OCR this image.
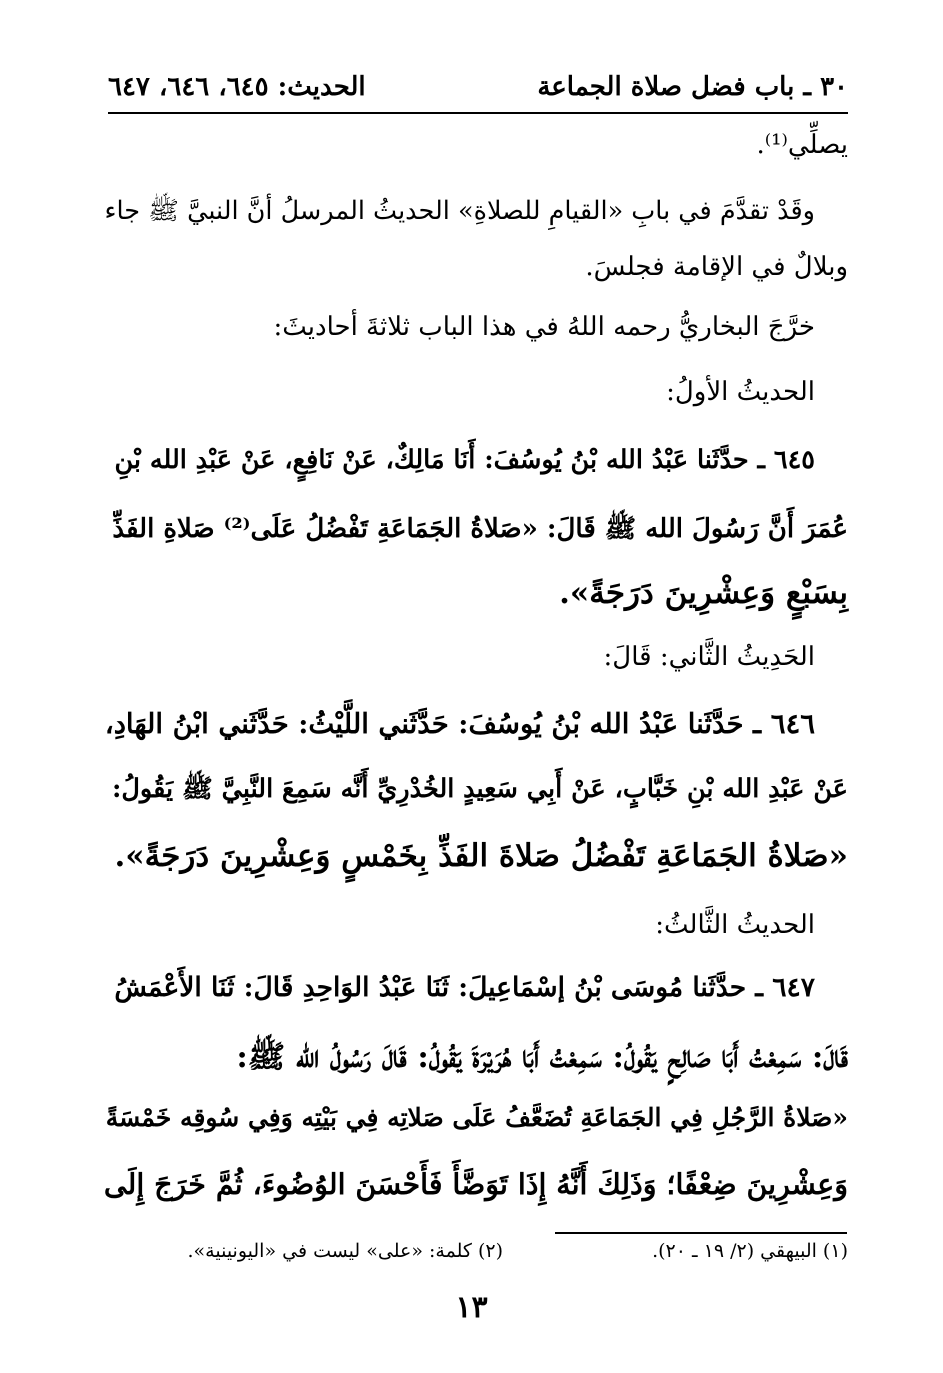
٣٠ ـ باب فضل صلاة الجماعة
الحديث: ٦٤٥، ٦٤٦، ٦٤٧
يصلِّي⁽¹⁾.
وقَدْ تقدَّمَ في بابِ «القيامِ للصلاةِ» الحديثُ المرسلُ أنَّ النبيَّ ﷺ جاء
وبلالٌ في الإقامة فجلسَ.
خرَّجَ البخاريُّ رحمه اللهُ في هذا الباب ثلاثةَ أحاديثَ:
الحديثُ الأولُ:
٦٤٥ ـ حدَّثَنا عَبْدُ الله بْنُ يُوسُفَ: أَنَا مَالِكٌ، عَنْ نَافِعٍ، عَنْ عَبْدِ الله بْنِ
عُمَرَ أَنَّ رَسُولَ الله ﷺ قَالَ: «صَلاةُ الجَمَاعَةِ تَفْضُلُ عَلَى⁽²⁾ صَلاةِ الفَذِّ
بِسَبْعٍ وَعِشْرِينَ دَرَجَةً».
الحَدِيثُ الثَّاني: قَالَ:
٦٤٦ ـ حَدَّثَنا عَبْدُ الله بْنُ يُوسُفَ: حَدَّثَني اللَّيْثُ: حَدَّثَني ابْنُ الهَادِ،
عَنْ عَبْدِ الله بْنِ خَبَّابٍ، عَنْ أَبِي سَعِيدٍ الخُدْرِيِّ أَنَّه سَمِعَ النَّبِيَّ ﷺ يَقُولُ:
«صَلاةُ الجَمَاعَةِ تَفْضُلُ صَلاةَ الفَذِّ بِخَمْسٍ وَعِشْرِينَ دَرَجَةً».
الحديثُ الثَّالثُ:
٦٤٧ ـ حدَّثَنا مُوسَى بْنُ إسْمَاعِيلَ: ثَنَا عَبْدُ الوَاحِدِ قَالَ: ثَنَا الأَعْمَشُ
قَالَ: سَمِعْتُ أَبَا صَالِحٍ يَقُولُ: سَمِعْتُ أَبَا هُرَيْرَةَ يَقُولُ: قَالَ رَسُولُ الله ﷺ:
«صَلاةُ الرَّجُلِ فِي الجَمَاعَةِ تُضَعَّفُ عَلَى صَلاتِه فِي بَيْتِه وَفِي سُوقِه خَمْسَةً
وَعِشْرِينَ ضِعْفًا؛ وَذَلِكَ أَنَّهُ إِذَا تَوَضَّأَ فَأَحْسَنَ الوُضُوءَ، ثُمَّ خَرَجَ إِلَى
(١) البيهقي (٢/ ١٩ ـ ٢٠).
(٢) كلمة: «على» ليست في «اليونينية».
١٣
